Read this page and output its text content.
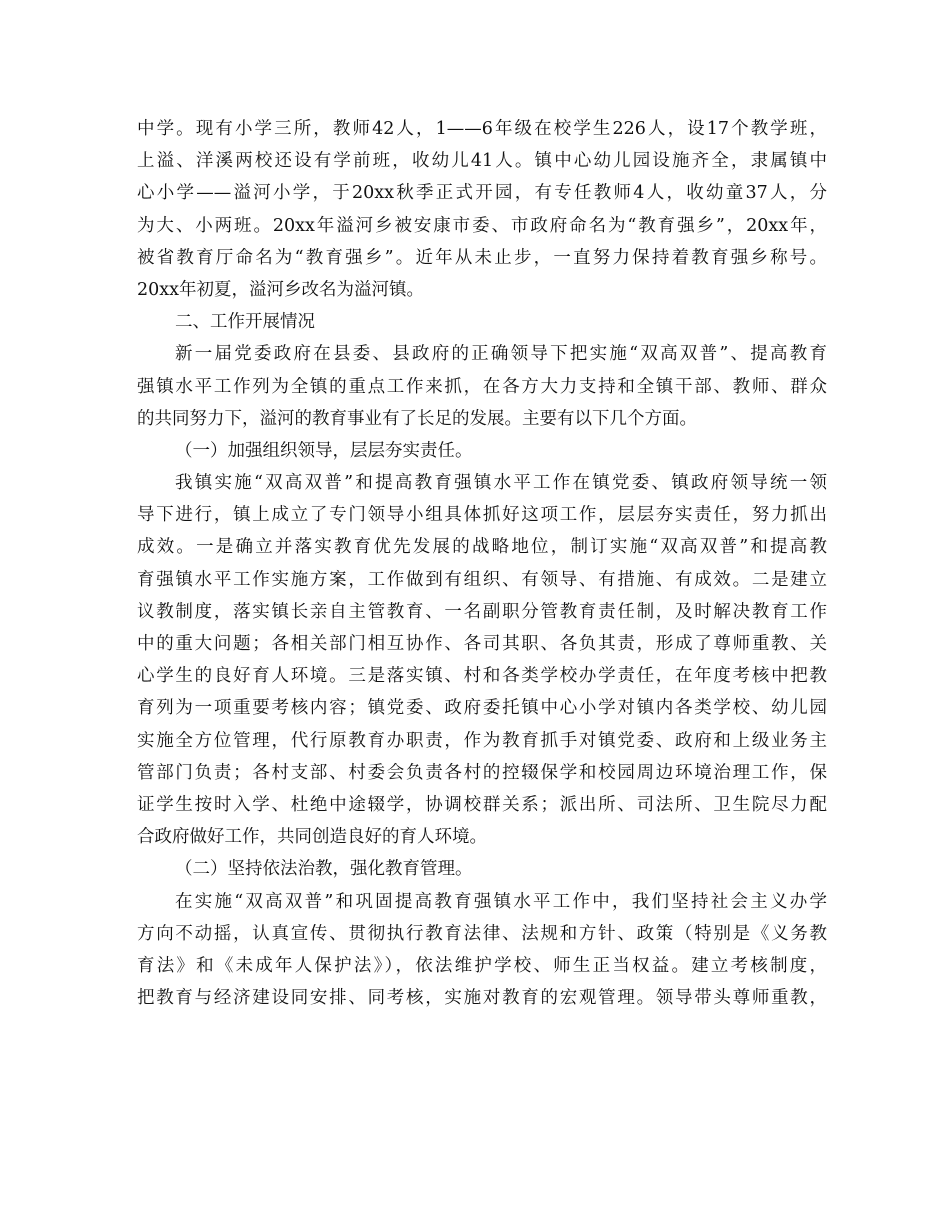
中学。现有小学三所，教师42人，1——6年级在校学生226人，设17个教学班，
上溢、洋溪两校还设有学前班，收幼儿41人。镇中心幼儿园设施齐全，隶属镇中
心小学——溢河小学，于20xx秋季正式开园，有专任教师4人，收幼童37人，分
为大、小两班。20xx年溢河乡被安康市委、市政府命名为“教育强乡”，20xx年，
被省教育厅命名为“教育强乡”。近年从未止步，一直努力保持着教育强乡称号。
20xx年初夏，溢河乡改名为溢河镇。
二、工作开展情况
新一届党委政府在县委、县政府的正确领导下把实施“双高双普”、提高教育
强镇水平工作列为全镇的重点工作来抓，在各方大力支持和全镇干部、教师、群众
的共同努力下，溢河的教育事业有了长足的发展。主要有以下几个方面。
（一）加强组织领导，层层夯实责任。
我镇实施“双高双普”和提高教育强镇水平工作在镇党委、镇政府领导统一领
导下进行，镇上成立了专门领导小组具体抓好这项工作，层层夯实责任，努力抓出
成效。一是确立并落实教育优先发展的战略地位，制订实施“双高双普”和提高教
育强镇水平工作实施方案，工作做到有组织、有领导、有措施、有成效。二是建立
议教制度，落实镇长亲自主管教育、一名副职分管教育责任制，及时解决教育工作
中的重大问题；各相关部门相互协作、各司其职、各负其责，形成了尊师重教、关
心学生的良好育人环境。三是落实镇、村和各类学校办学责任，在年度考核中把教
育列为一项重要考核内容；镇党委、政府委托镇中心小学对镇内各类学校、幼儿园
实施全方位管理，代行原教育办职责，作为教育抓手对镇党委、政府和上级业务主
管部门负责；各村支部、村委会负责各村的控辍保学和校园周边环境治理工作，保
证学生按时入学、杜绝中途辍学，协调校群关系；派出所、司法所、卫生院尽力配
合政府做好工作，共同创造良好的育人环境。
（二）坚持依法治教，强化教育管理。
在实施“双高双普”和巩固提高教育强镇水平工作中，我们坚持社会主义办学
方向不动摇，认真宣传、贯彻执行教育法律、法规和方针、政策（特别是《义务教
育法》和《未成年人保护法》），依法维护学校、师生正当权益。建立考核制度，
把教育与经济建设同安排、同考核，实施对教育的宏观管理。领导带头尊师重教，
